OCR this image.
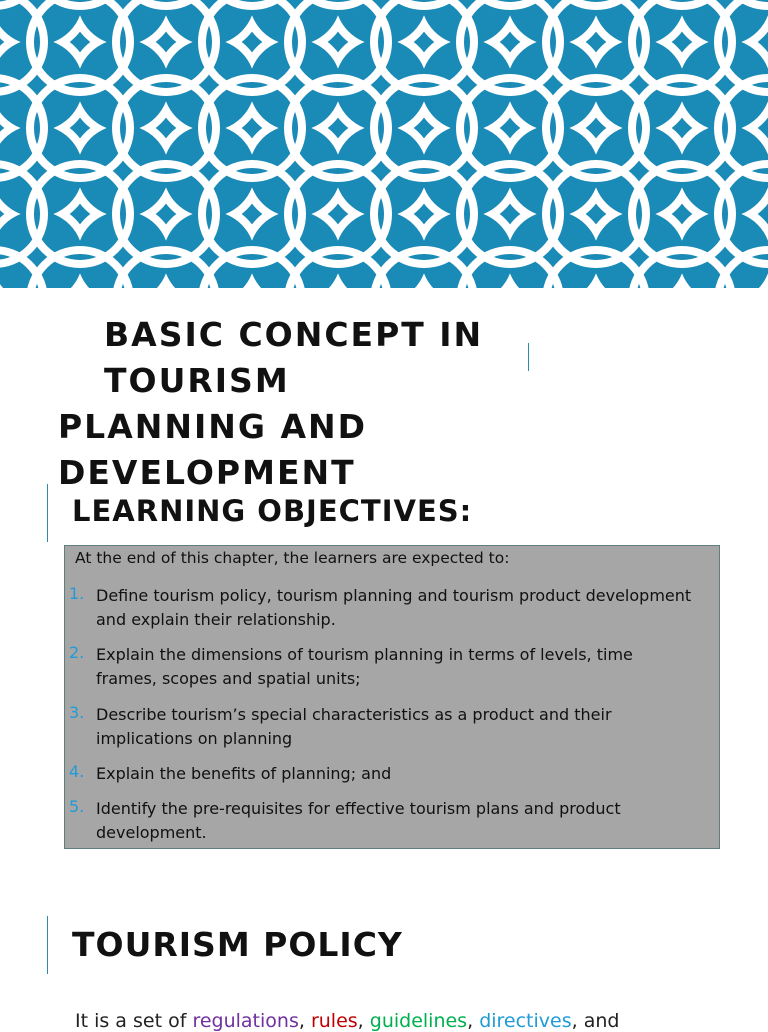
BASIC CONCEPT IN TOURISM
PLANNING AND DEVELOPMENT
LEARNING OBJECTIVES:

At the end of this chapter, the learners are expected to:

1. Define tourism policy, tourism planning and tourism product development and explain their relationship.
2. Explain the dimensions of tourism planning in terms of levels, time frames, scopes and spatial units;
3. Describe tourism’s special characteristics as a product and their implications on planning
4. Explain the benefits of planning; and
5. Identify the pre-requisites for effective tourism plans and product development.
TOURISM POLICY

It is a set of regulations, rules, guidelines, directives, and
